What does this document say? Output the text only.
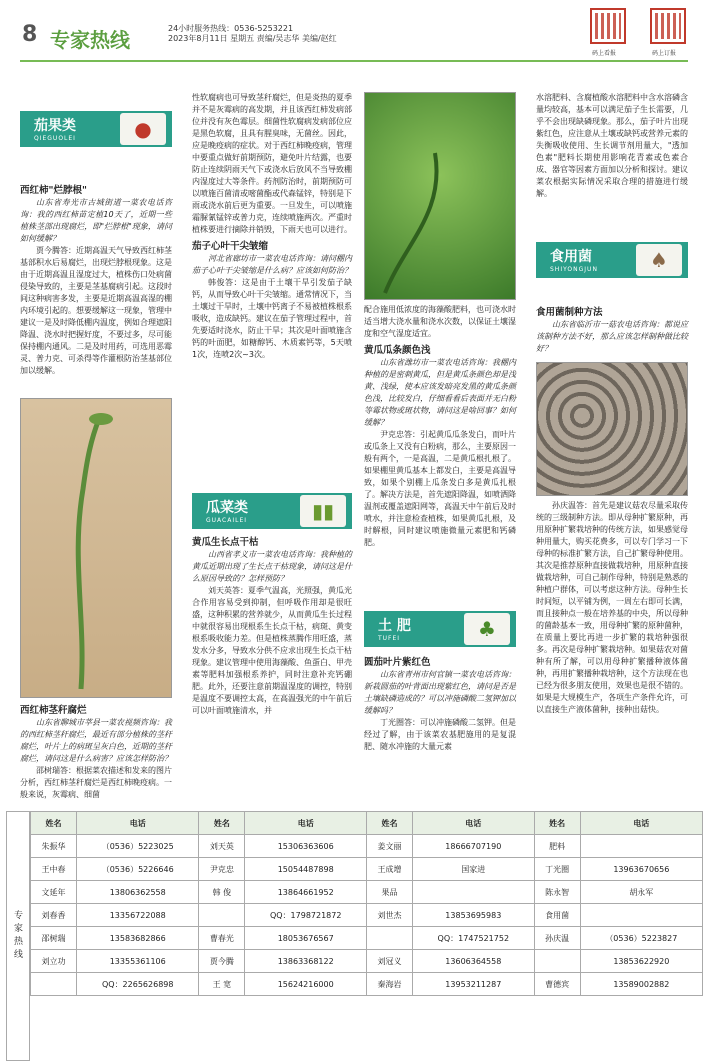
8 专家热线	24小时服务热线：0536-5253221
2023年8月11日 星期五 责编/吴志华 美编/赵红
码上看报	码上订报
茄果类
QIEGUOLEI	●
西红柿"烂脖根"

山东省寿光市古城街道一菜农电话咨询：我的西红柿苗定植10天了，近期一些植株茎部出现腐烂，即"烂脖根"现象，请问如何缓解？

贾今腾答：近期高温天气导致西红柿茎基部积水后易腐烂，出现烂脖根现象。这是由于近期高温且湿度过大，植株伤口处病菌侵染导致的，主要是茎基腐病引起。这段时间这种病害多发，主要是近期高温高湿的棚内环境引起的。想要缓解这一现象，管理中建议一是及时降低棚内温度，例如合理遮阳降温、浇水时把握好度，不要过多，尽可能保持棚内通风。二是及时用药，可选用恶霉灵、普力克、可杀得等作灌根防治茎基部位加以缓解。

西红柿茎秆腐烂

山东省聊城市莘县一菜农视频咨询：我的西红柿茎秆腐烂，最近有部分植株的茎秆腐烂，叶片上的病斑呈灰白色，近期的茎秆腐烂，请问这是什么病害？应该怎样防治？

邵树瑞答：根据菜农描述和发来的图片分析，西红柿茎秆腐烂是西红柿晚疫病。一般来说，灰霉病、细菌

性软腐病也可导致茎秆腐烂，但是炎热的夏季并不是灰霉病的高发期，并且该西红柿发病部位并没有灰色霉层。细菌性软腐病发病部位应是黑色软腐，且具有腥臭味，无菌丝。因此，应是晚疫病的症状。对于西红柿晚疫病，管理中要重点做好前期预防，避免叶片结露，也要防止连续阴雨天气下或浇水后放风不当导致棚内湿度过大等条件。药剂防治时，前期预防可以喷施百菌清或嘧菌酯或代森锰锌，特别是下雨或浇水前后更为重要。一旦发生，可以喷施霜脲氰锰锌或普力克，连续喷施两次。严重时植株要进行摘除并销毁，下雨天也可以进行。

茄子心叶干尖皱缩

河北省廊坊市一菜农电话咨询：请问棚内茄子心叶干尖皱缩是什么病？应该如何防治？

韩俊答：这是由于土壤干旱引发茄子缺钙，从而导致心叶干尖皱缩。通常情况下，当土壤过干旱时，土壤中钙离子不易被植株根系吸收，造成缺钙。建议在茄子管理过程中，首先要适时浇水，防止干旱；其次是叶面喷施含钙的叶面肥，如糖醇钙、木质素钙等，5天喷1次，连喷2次~3次。

瓜菜类
GUACAILEI	▮▮
黄瓜生长点干枯

山西省孝义市一菜农电话咨询：我种植的黄瓜近期出现了生长点干枯现象，请问这是什么原因导致的？怎样预防？

刘天英答：夏季气温高，光照强，黄瓜光合作用容易受到抑制，但呼吸作用却是很旺盛，这种积累的营养就少，从而黄瓜生长过程中就很容易出现根系生长点干枯，病斑、黄变根系吸收能力差。但是植株蒸腾作用旺盛，蒸发水分多，导致水分供不应求出现生长点干枯现象。建议管理中使用海藻酸、鱼蛋白、甲壳素等肥料加强根系养护，同时注意补充钙硼肥。此外，还要注意前期温湿度的调控，特别是温度不要调控太高，在高温强光的中午前后可以叶面喷施清水，并

配合施用低浓度的海藻酸肥料，也可浇水时适当增大浇水量和浇水次数，以保证土壤湿度和空气湿度适宜。

黄瓜瓜条颜色浅

山东省潍坊市一菜农电话咨询：我棚内种植的是密刺黄瓜，但是黄瓜条颜色却是浅黄、浅绿，使本应该发暗亮发黑的黄瓜条颜色浅，比较发白，仔细看看后表面并无白粉等霉状物或斑状物，请问这是啥回事？如何缓解？

尹克忠答：引起黄瓜瓜条发白，而叶片或瓜条上又没有白粉病，那么，主要原因一般有两个，一是高温，二是黄瓜根扎根了。如果棚里黄瓜基本上都发白，主要是高温导致，如果个别棚上瓜条发白多是黄瓜扎根了。解决方法是，首先遮阳降温，如喷洒降温剂或覆盖遮阳网等，高温天中午前后及时喷水，并注意检查植株，如果黄瓜扎根，及时解根，同时建议喷施微量元素肥和钙磷肥。

土 肥
TUFEI	♣
圆茄叶片紫红色

山东省青州市何官镇一菜农电话咨询：新栽圆茄的叶背面出现紫红色，请问是否是土壤缺磷造成的？可以冲施磷酸二氢钾加以缓解吗？

丁光圈答：可以冲施磷酸二氢钾。但是经过了解，由于该菜农基肥施用的是复混肥、随水冲施的大量元素

水溶肥料、含腐植酸水溶肥料中含水溶磷含量均较高，基本可以满足茄子生长需要，几乎不会出现缺磷现象。那么，茄子叶片出现紫红色，应注意从土壤或缺钙或营养元素的失衡吸收使用、生长调节剂用量大，"透加色素"肥料长期使用影响花青素或色素合成、器官等因素方面加以分析和探讨。建议菜农根据实际情况采取合理的措施进行缓解。

食用菌
SHIYONGJUN	♠
食用菌制种方法

山东省临沂市一菇农电话咨询：都说应该制种方法不好，那么应该怎样制种做比较好？

孙庆温答：首先是建议菇农尽量采取传统的三级制种方法。即从母种扩繁原种，再用原种扩繁栽培种的传统方法，如果感觉母种用量大，购买花费多，可以专门学习一下母种的标准扩繁方法，自己扩繁母种使用。其次是推荐原种直接做栽培种，用原种直接做栽培种，可自己制作母种，特别是熟悉的种植户群体，可以考虑这种方法。母种生长时间短，以平铺为例，一周左右即可长满，而且接种点一般在培养基的中央，所以母种的菌龄基本一致，用母种扩繁的原种菌种，在质量上要比再进一步扩繁的栽培种强很多。再次是母种扩繁栽培种。如果菇农对菌种有所了解，可以用母种扩繁播种液体菌种，再用扩繁播种栽培种，这个方法现在也已经为很多朋友使用，效果也是很不错的。如果是大规模生产，各项生产条件允许，可以直接生产液体菌种，接种出菇快。

专家热线
姓名	电话	姓名	电话	姓名	电话	姓名	电话
朱振华	（0536）5223025	刘天英	15306363606	姜文丽	18666707190	肥料	
王中春	（0536）5226646	尹克忠	15054487898	王成增	国家进	丁光圈	13963670656
文延年	13806362558	韩 俊	13864661952	果品		陈永智	胡永军
刘春香	13356722088		QQ：1798721872	刘世杰	13853695983	食用菌	
邵树瑞	13583682866	曹春光	18053676567		QQ：1747521752	孙庆温	（0536）5223827
刘立功	13355361106	贾今腾	13863368122	刘冠义	13606364558		13853622920
	QQ：2265626898	王 宽	15624216000	秦海岩	13953211287	曹德宾	13589002882
